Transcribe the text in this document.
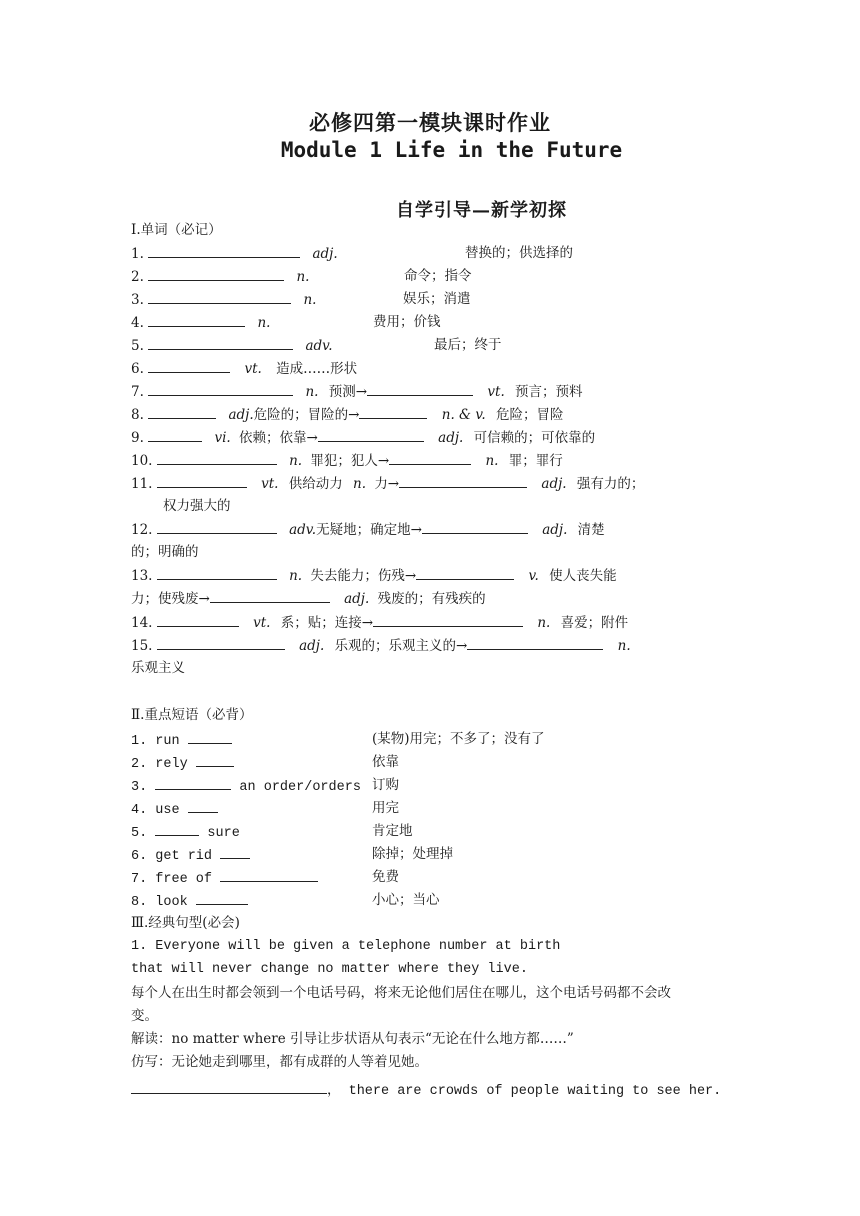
必修四第一模块课时作业
Module 1 Life in the Future
自学引导—新学初探
Ⅰ.单词（必记）
1.	adj.	替换的；供选择的
2.	n.	命令；指令
3.	n.	娱乐；消遣
4.	n.	费用；价钱
5.	adv.	最后；终于
6.	vt. 造成……形状
7.	n. 预测→	vt. 预言；预料
8.	adj.危险的；冒险的→	n. & v. 危险；冒险
9.	vi. 依赖；依靠→	adj. 可信赖的；可依靠的
10.	n. 罪犯；犯人→	n. 罪；罪行
11.	vt. 供给动力 n. 力→	adj. 强有力的；
权力强大的
12.	adv.无疑地；确定地→	adj. 清楚
的；明确的
13.	n. 失去能力；伤残→	v. 使人丧失能
力；使残废→	adj. 残废的；有残疾的
14.	vt. 系；贴；连接→	n. 喜爱；附件
15.	adj. 乐观的；乐观主义的→	n.
乐观主义
Ⅱ.重点短语（必背）
1. run	(某物)用完；不多了；没有了
2. rely	依靠
3.	an order/orders 订购
4. use	用完
5.	sure	肯定地
6. get rid	除掉；处理掉
7. free of	免费
8. look	小心；当心
Ⅲ.经典句型(必会)
1. Everyone will be given a telephone number at birth
that will never change no matter where they live.
每个人在出生时都会领到一个电话号码，将来无论他们居住在哪儿，这个电话号码都不会改
变。
解读：no matter where 引导让步状语从句表示“无论在什么地方都……”
仿写：无论她走到哪里，都有成群的人等着见她。
， there are crowds of people waiting to see her.
